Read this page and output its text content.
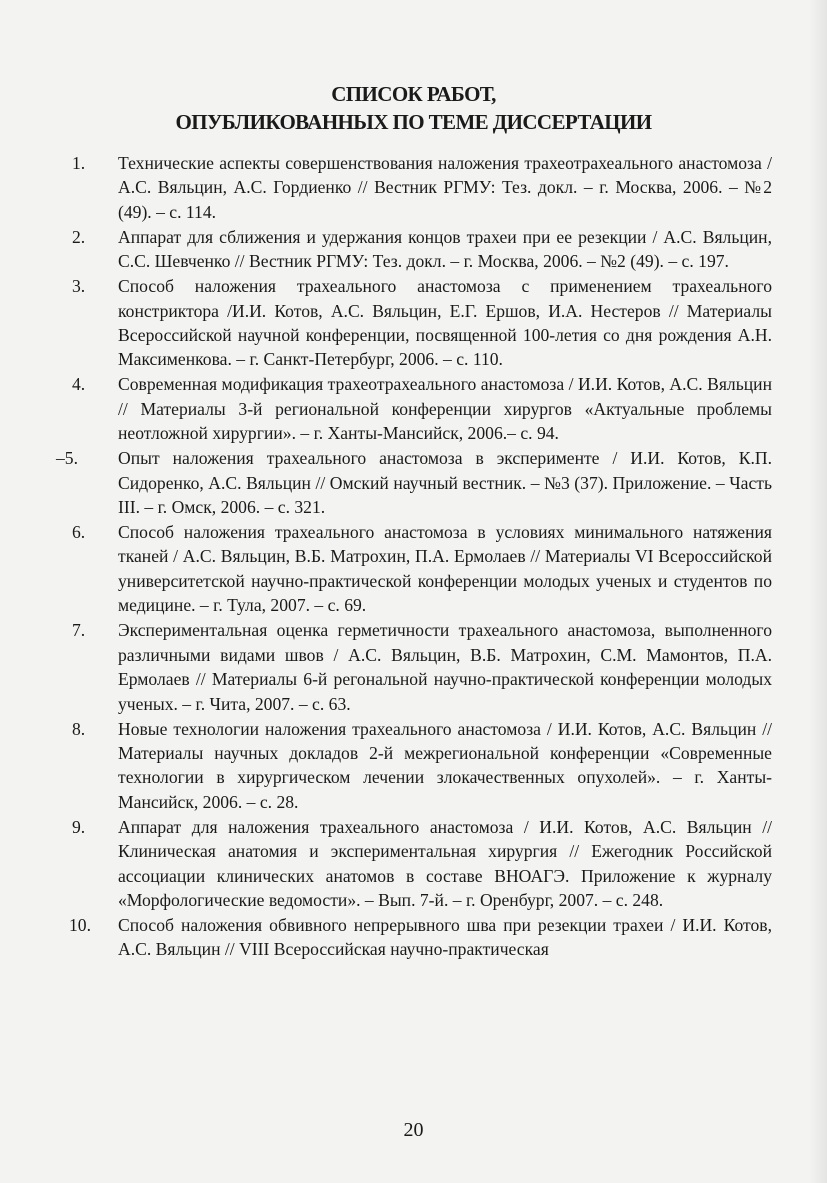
СПИСОК РАБОТ,
ОПУБЛИКОВАННЫХ ПО ТЕМЕ ДИССЕРТАЦИИ
1.	Технические аспекты совершенствования наложения трахеотрахеального анастомоза / А.С. Вяльцин, А.С. Гордиенко // Вестник РГМУ: Тез. докл. – г. Москва, 2006. – №2 (49). – с. 114.
2.	Аппарат для сближения и удержания концов трахеи при ее резекции / А.С. Вяльцин, С.С. Шевченко // Вестник РГМУ: Тез. докл. – г. Москва, 2006. – №2 (49). – с. 197.
3.	Способ наложения трахеального анастомоза с применением трахеального констриктора /И.И. Котов, А.С. Вяльцин, Е.Г. Ершов, И.А. Нестеров // Материалы Всероссийской научной конференции, посвященной 100-летия со дня рождения А.Н. Максименкова. – г. Санкт-Петербург, 2006. – с. 110.
4.	Современная модификация трахеотрахеального анастомоза / И.И. Котов, А.С. Вяльцин // Материалы 3-й региональной конференции хирургов «Актуальные проблемы неотложной хирургии». – г. Ханты-Мансийск, 2006.– с. 94.
–5.	Опыт наложения трахеального анастомоза в эксперименте / И.И. Котов, К.П. Сидоренко, А.С. Вяльцин // Омский научный вестник. – №3 (37). Приложение. – Часть III. – г. Омск, 2006. – с. 321.
6.	Способ наложения трахеального анастомоза в условиях минимального натяжения тканей / А.С. Вяльцин, В.Б. Матрохин, П.А. Ермолаев // Материалы VI Всероссийской университетской научно-практической конференции молодых ученых и студентов по медицине. – г. Тула, 2007. – с. 69.
7.	Экспериментальная оценка герметичности трахеального анастомоза, выполненного различными видами швов / А.С. Вяльцин, В.Б. Матрохин, С.М. Мамонтов, П.А. Ермолаев // Материалы 6-й регональной научно-практической конференции молодых ученых. – г. Чита, 2007. – с. 63.
8.	Новые технологии наложения трахеального анастомоза / И.И. Котов, А.С. Вяльцин // Материалы научных докладов 2-й межрегиональной конференции «Современные технологии в хирургическом лечении злокачественных опухолей». – г. Ханты-Мансийск, 2006. – с. 28.
9.	Аппарат для наложения трахеального анастомоза / И.И. Котов, А.С. Вяльцин // Клиническая анатомия и экспериментальная хирургия // Ежегодник Российской ассоциации клинических анатомов в составе ВНОАГЭ. Приложение к журналу «Морфологические ведомости». – Вып. 7-й. – г. Оренбург, 2007. – с. 248.
10.	Способ наложения обвивного непрерывного шва при резекции трахеи / И.И. Котов, А.С. Вяльцин // VIII Всероссийская научно-практическая
20
